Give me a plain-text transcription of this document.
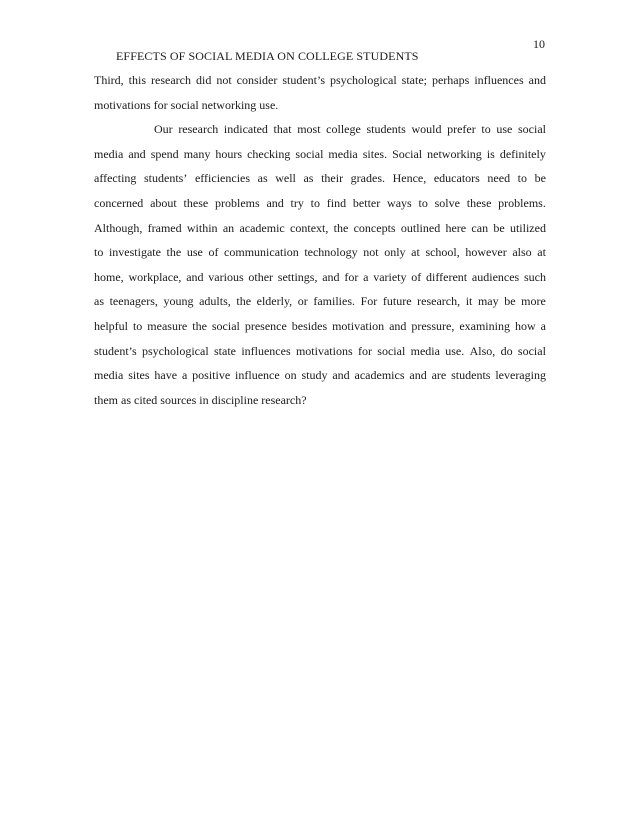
10
EFFECTS OF SOCIAL MEDIA ON COLLEGE STUDENTS
Third, this research did not consider student’s psychological state; perhaps influences and
motivations for social networking use.
Our research indicated that most college students would prefer to use social
media and spend many hours checking social media sites. Social networking is definitely
affecting students’ efficiencies as well as their grades. Hence, educators need to be
concerned about these problems and try to find better ways to solve these problems.
Although, framed within an academic context, the concepts outlined here can be utilized
to investigate the use of communication technology not only at school, however also at
home, workplace, and various other settings, and for a variety of different audiences such
as teenagers, young adults, the elderly, or families. For future research, it may be more
helpful to measure the social presence besides motivation and pressure, examining how a
student’s psychological state influences motivations for social media use. Also, do social
media sites have a positive influence on study and academics and are students leveraging
them as cited sources in discipline research?
